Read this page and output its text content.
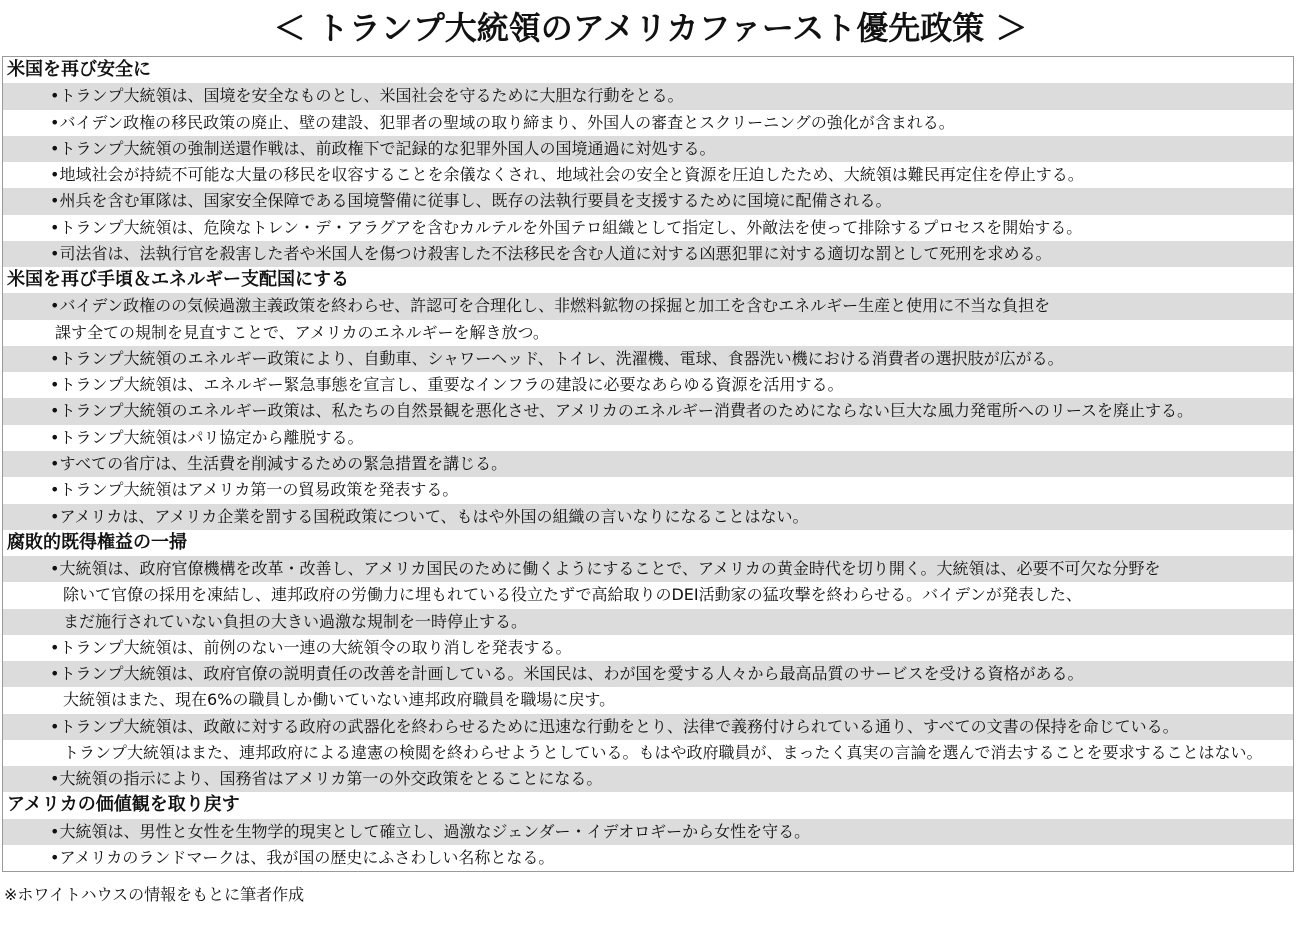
＜ トランプ大統領のアメリカファースト優先政策 ＞
米国を再び安全に
•トランプ大統領は、国境を安全なものとし、米国社会を守るために大胆な行動をとる。
•バイデン政権の移民政策の廃止、壁の建設、犯罪者の聖域の取り締まり、外国人の審査とスクリーニングの強化が含まれる。
•トランプ大統領の強制送還作戦は、前政権下で記録的な犯罪外国人の国境通過に対処する。
•地域社会が持続不可能な大量の移民を収容することを余儀なくされ、地域社会の安全と資源を圧迫したため、大統領は難民再定住を停止する。
•州兵を含む軍隊は、国家安全保障である国境警備に従事し、既存の法執行要員を支援するために国境に配備される。
•トランプ大統領は、危険なトレン・デ・アラグアを含むカルテルを外国テロ組織として指定し、外敵法を使って排除するプロセスを開始する。
•司法省は、法執行官を殺害した者や米国人を傷つけ殺害した不法移民を含む人道に対する凶悪犯罪に対する適切な罰として死刑を求める。
米国を再び手頃＆エネルギー支配国にする
•バイデン政権のの気候過激主義政策を終わらせ、許認可を合理化し、非燃料鉱物の採掘と加工を含むエネルギー生産と使用に不当な負担を
課す全ての規制を見直すことで、アメリカのエネルギーを解き放つ。
•トランプ大統領のエネルギー政策により、自動車、シャワーヘッド、トイレ、洗濯機、電球、食器洗い機における消費者の選択肢が広がる。
•トランプ大統領は、エネルギー緊急事態を宣言し、重要なインフラの建設に必要なあらゆる資源を活用する。
•トランプ大統領のエネルギー政策は、私たちの自然景観を悪化させ、アメリカのエネルギー消費者のためにならない巨大な風力発電所へのリースを廃止する。
•トランプ大統領はパリ協定から離脱する。
•すべての省庁は、生活費を削減するための緊急措置を講じる。
•トランプ大統領はアメリカ第一の貿易政策を発表する。
•アメリカは、アメリカ企業を罰する国税政策について、もはや外国の組織の言いなりになることはない。
腐敗的既得権益の一掃
•大統領は、政府官僚機構を改革・改善し、アメリカ国民のために働くようにすることで、アメリカの黄金時代を切り開く。大統領は、必要不可欠な分野を
除いて官僚の採用を凍結し、連邦政府の労働力に埋もれている役立たずで高給取りのDEI活動家の猛攻撃を終わらせる。バイデンが発表した、
まだ施行されていない負担の大きい過激な規制を一時停止する。
•トランプ大統領は、前例のない一連の大統領令の取り消しを発表する。
•トランプ大統領は、政府官僚の説明責任の改善を計画している。米国民は、わが国を愛する人々から最高品質のサービスを受ける資格がある。
大統領はまた、現在6%の職員しか働いていない連邦政府職員を職場に戻す。
•トランプ大統領は、政敵に対する政府の武器化を終わらせるために迅速な行動をとり、法律で義務付けられている通り、すべての文書の保持を命じている。
トランプ大統領はまた、連邦政府による違憲の検閲を終わらせようとしている。もはや政府職員が、まったく真実の言論を選んで消去することを要求することはない。
•大統領の指示により、国務省はアメリカ第一の外交政策をとることになる。
アメリカの価値観を取り戻す
•大統領は、男性と女性を生物学的現実として確立し、過激なジェンダー・イデオロギーから女性を守る。
•アメリカのランドマークは、我が国の歴史にふさわしい名称となる。
※ホワイトハウスの情報をもとに筆者作成
